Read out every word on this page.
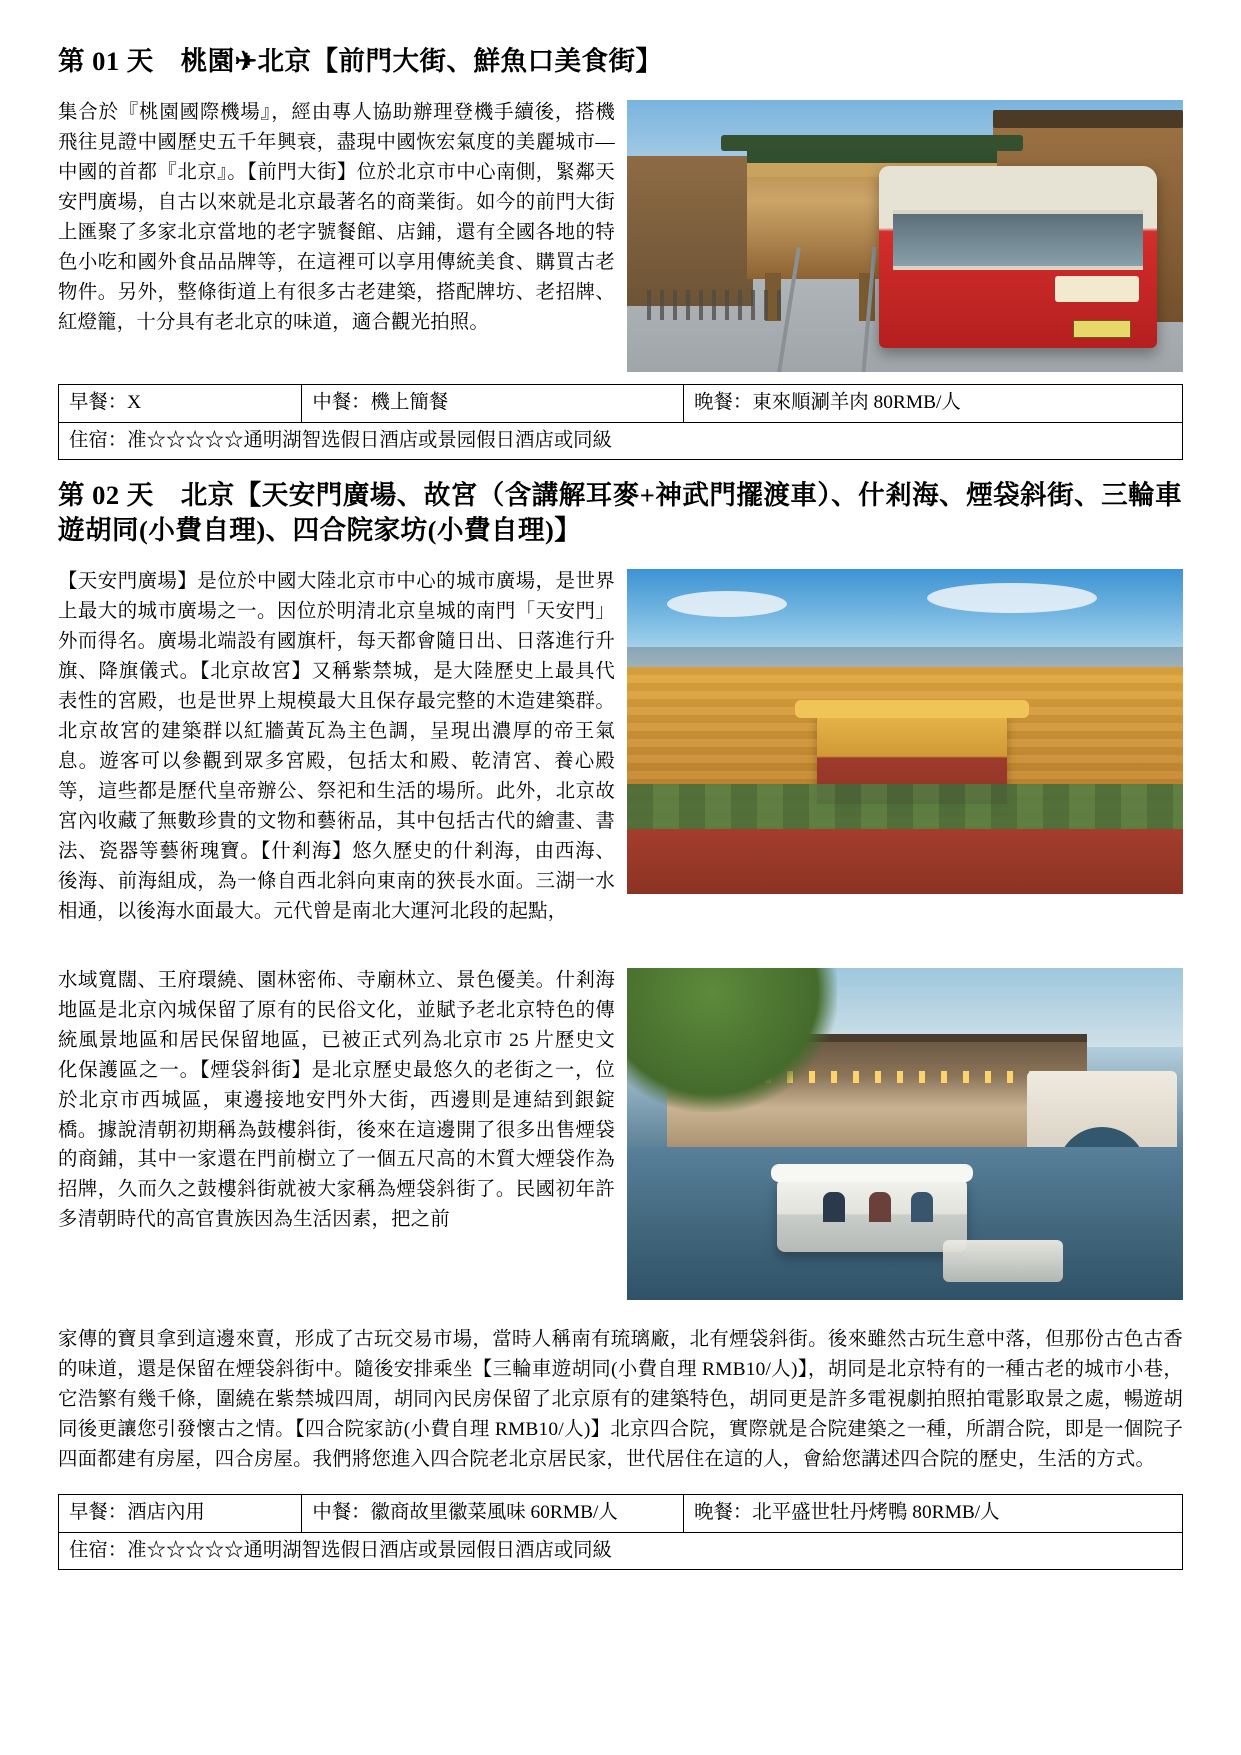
第 01 天　桃園✈北京【前門大街、鮮魚口美食街】

集合於『桃園國際機場』，經由專人協助辦理登機手續後，搭機飛往見證中國歷史五千年興衰，盡現中國恢宏氣度的美麗城市—中國的首都『北京』。【前門大街】位於北京市中心南側，緊鄰天安門廣場，自古以來就是北京最著名的商業街。如今的前門大街上匯聚了多家北京當地的老字號餐館、店鋪，還有全國各地的特色小吃和國外食品品牌等，在這裡可以享用傳統美食、購買古老物件。另外，整條街道上有很多古老建築，搭配牌坊、老招牌、紅燈籠，十分具有老北京的味道，適合觀光拍照。

早餐：X	中餐：機上簡餐	晚餐：東來順涮羊肉 80RMB/人
住宿：准☆☆☆☆☆通明湖智选假日酒店或景园假日酒店或同級
第 02 天　北京【天安門廣場、故宮（含講解耳麥+神武門擺渡車）、什剎海、煙袋斜街、三輪車遊胡同(小費自理)、四合院家坊(小費自理)】

【天安門廣場】是位於中國大陸北京市中心的城市廣場，是世界上最大的城市廣場之一。因位於明清北京皇城的南門「天安門」外而得名。廣場北端設有國旗杆，每天都會隨日出、日落進行升旗、降旗儀式。【北京故宮】又稱紫禁城，是大陸歷史上最具代表性的宮殿，也是世界上規模最大且保存最完整的木造建築群。北京故宮的建築群以紅牆黃瓦為主色調，呈現出濃厚的帝王氣息。遊客可以參觀到眾多宮殿，包括太和殿、乾清宮、養心殿等，這些都是歷代皇帝辦公、祭祀和生活的場所。此外，北京故宮內收藏了無數珍貴的文物和藝術品，其中包括古代的繪畫、書法、瓷器等藝術瑰寶。【什剎海】悠久歷史的什剎海，由西海、後海、前海組成，為一條自西北斜向東南的狹長水面。三湖一水相通，以後海水面最大。元代曾是南北大運河北段的起點，

水域寬闊、王府環繞、園林密佈、寺廟林立、景色優美。什剎海地區是北京內城保留了原有的民俗文化，並賦予老北京特色的傳統風景地區和居民保留地區，已被正式列為北京市 25 片歷史文化保護區之一。【煙袋斜街】是北京歷史最悠久的老街之一，位於北京市西城區，東邊接地安門外大街，西邊則是連結到銀錠橋。據說清朝初期稱為鼓樓斜街，後來在這邊開了很多出售煙袋的商鋪，其中一家還在門前樹立了一個五尺高的木質大煙袋作為招牌，久而久之鼓樓斜街就被大家稱為煙袋斜街了。民國初年許多清朝時代的高官貴族因為生活因素，把之前

家傳的寶貝拿到這邊來賣，形成了古玩交易市場，當時人稱南有琉璃廠，北有煙袋斜街。後來雖然古玩生意中落，但那份古色古香的味道，還是保留在煙袋斜街中。隨後安排乘坐【三輪車遊胡同(小費自理 RMB10/人)】，胡同是北京特有的一種古老的城市小巷，它浩繁有幾千條，圍繞在紫禁城四周，胡同內民房保留了北京原有的建築特色，胡同更是許多電視劇拍照拍電影取景之處，暢遊胡同後更讓您引發懷古之情。【四合院家訪(小費自理 RMB10/人)】北京四合院，實際就是合院建築之一種，所謂合院，即是一個院子四面都建有房屋，四合房屋。我們將您進入四合院老北京居民家，世代居住在這的人，會給您講述四合院的歷史，生活的方式。

早餐：酒店內用	中餐：徽商故里徽菜風味 60RMB/人	晚餐：北平盛世牡丹烤鴨 80RMB/人
住宿：准☆☆☆☆☆通明湖智选假日酒店或景园假日酒店或同級
